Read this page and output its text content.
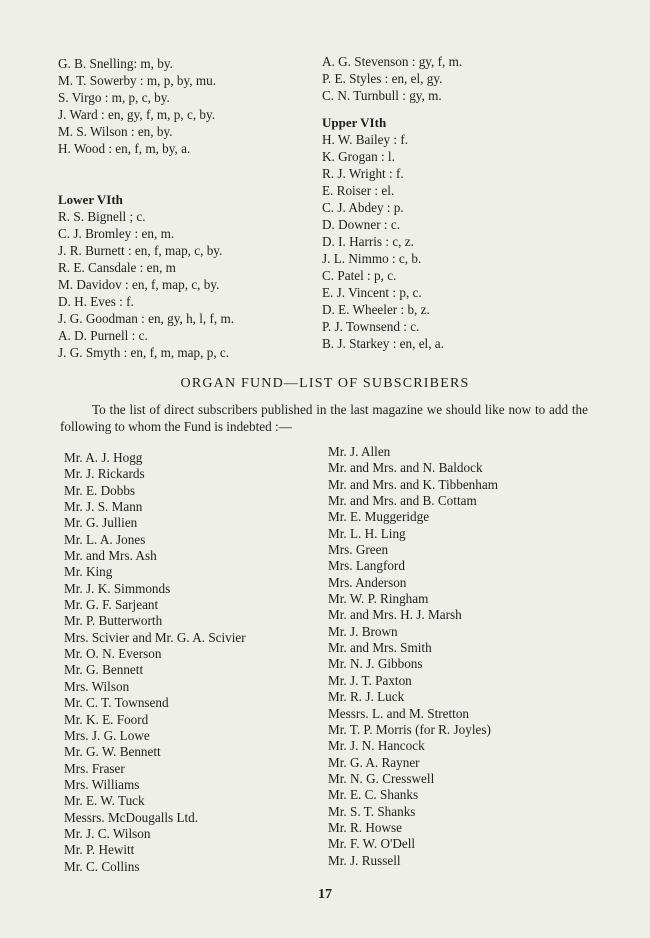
G. B. Snelling: m, by.
M. T. Sowerby : m, p, by, mu.
S. Virgo : m, p, c, by.
J. Ward : en, gy, f, m, p, c, by.
M. S. Wilson : en, by.
H. Wood : en, f, m, by, a.
Lower VIth
R. S. Bignell ; c.
C. J. Bromley : en, m.
J. R. Burnett : en, f, map, c, by.
R. E. Cansdale : en, m
M. Davidov : en, f, map, c, by.
D. H. Eves : f.
J. G. Goodman : en, gy, h, l, f, m.
A. D. Purnell : c.
J. G. Smyth : en, f, m, map, p, c.
A. G. Stevenson : gy, f, m.
P. E. Styles : en, el, gy.
C. N. Turnbull : gy, m.
Upper VIth
H. W. Bailey : f.
K. Grogan : l.
R. J. Wright : f.
E. Roiser : el.
C. J. Abdey : p.
D. Downer : c.
D. I. Harris : c, z.
J. L. Nimmo : c, b.
C. Patel : p, c.
E. J. Vincent : p, c.
D. E. Wheeler : b, z.
P. J. Townsend : c.
B. J. Starkey : en, el, a.
ORGAN FUND—LIST OF SUBSCRIBERS

To the list of direct subscribers published in the last magazine we should like now to add the following to whom the Fund is indebted :—

Mr. A. J. Hogg
Mr. J. Rickards
Mr. E. Dobbs
Mr. J. S. Mann
Mr. G. Jullien
Mr. L. A. Jones
Mr. and Mrs. Ash
Mr. King
Mr. J. K. Simmonds
Mr. G. F. Sarjeant
Mr. P. Butterworth
Mrs. Scivier and Mr. G. A. Scivier
Mr. O. N. Everson
Mr. G. Bennett
Mrs. Wilson
Mr. C. T. Townsend
Mr. K. E. Foord
Mrs. J. G. Lowe
Mr. G. W. Bennett
Mrs. Fraser
Mrs. Williams
Mr. E. W. Tuck
Messrs. McDougalls Ltd.
Mr. J. C. Wilson
Mr. P. Hewitt
Mr. C. Collins
Mr. J. Allen
Mr. and Mrs. and N. Baldock
Mr. and Mrs. and K. Tibbenham
Mr. and Mrs. and B. Cottam
Mr. E. Muggeridge
Mr. L. H. Ling
Mrs. Green
Mrs. Langford
Mrs. Anderson
Mr. W. P. Ringham
Mr. and Mrs. H. J. Marsh
Mr. J. Brown
Mr. and Mrs. Smith
Mr. N. J. Gibbons
Mr. J. T. Paxton
Mr. R. J. Luck
Messrs. L. and M. Stretton
Mr. T. P. Morris (for R. Joyles)
Mr. J. N. Hancock
Mr. G. A. Rayner
Mr. N. G. Cresswell
Mr. E. C. Shanks
Mr. S. T. Shanks
Mr. R. Howse
Mr. F. W. O'Dell
Mr. J. Russell
17
